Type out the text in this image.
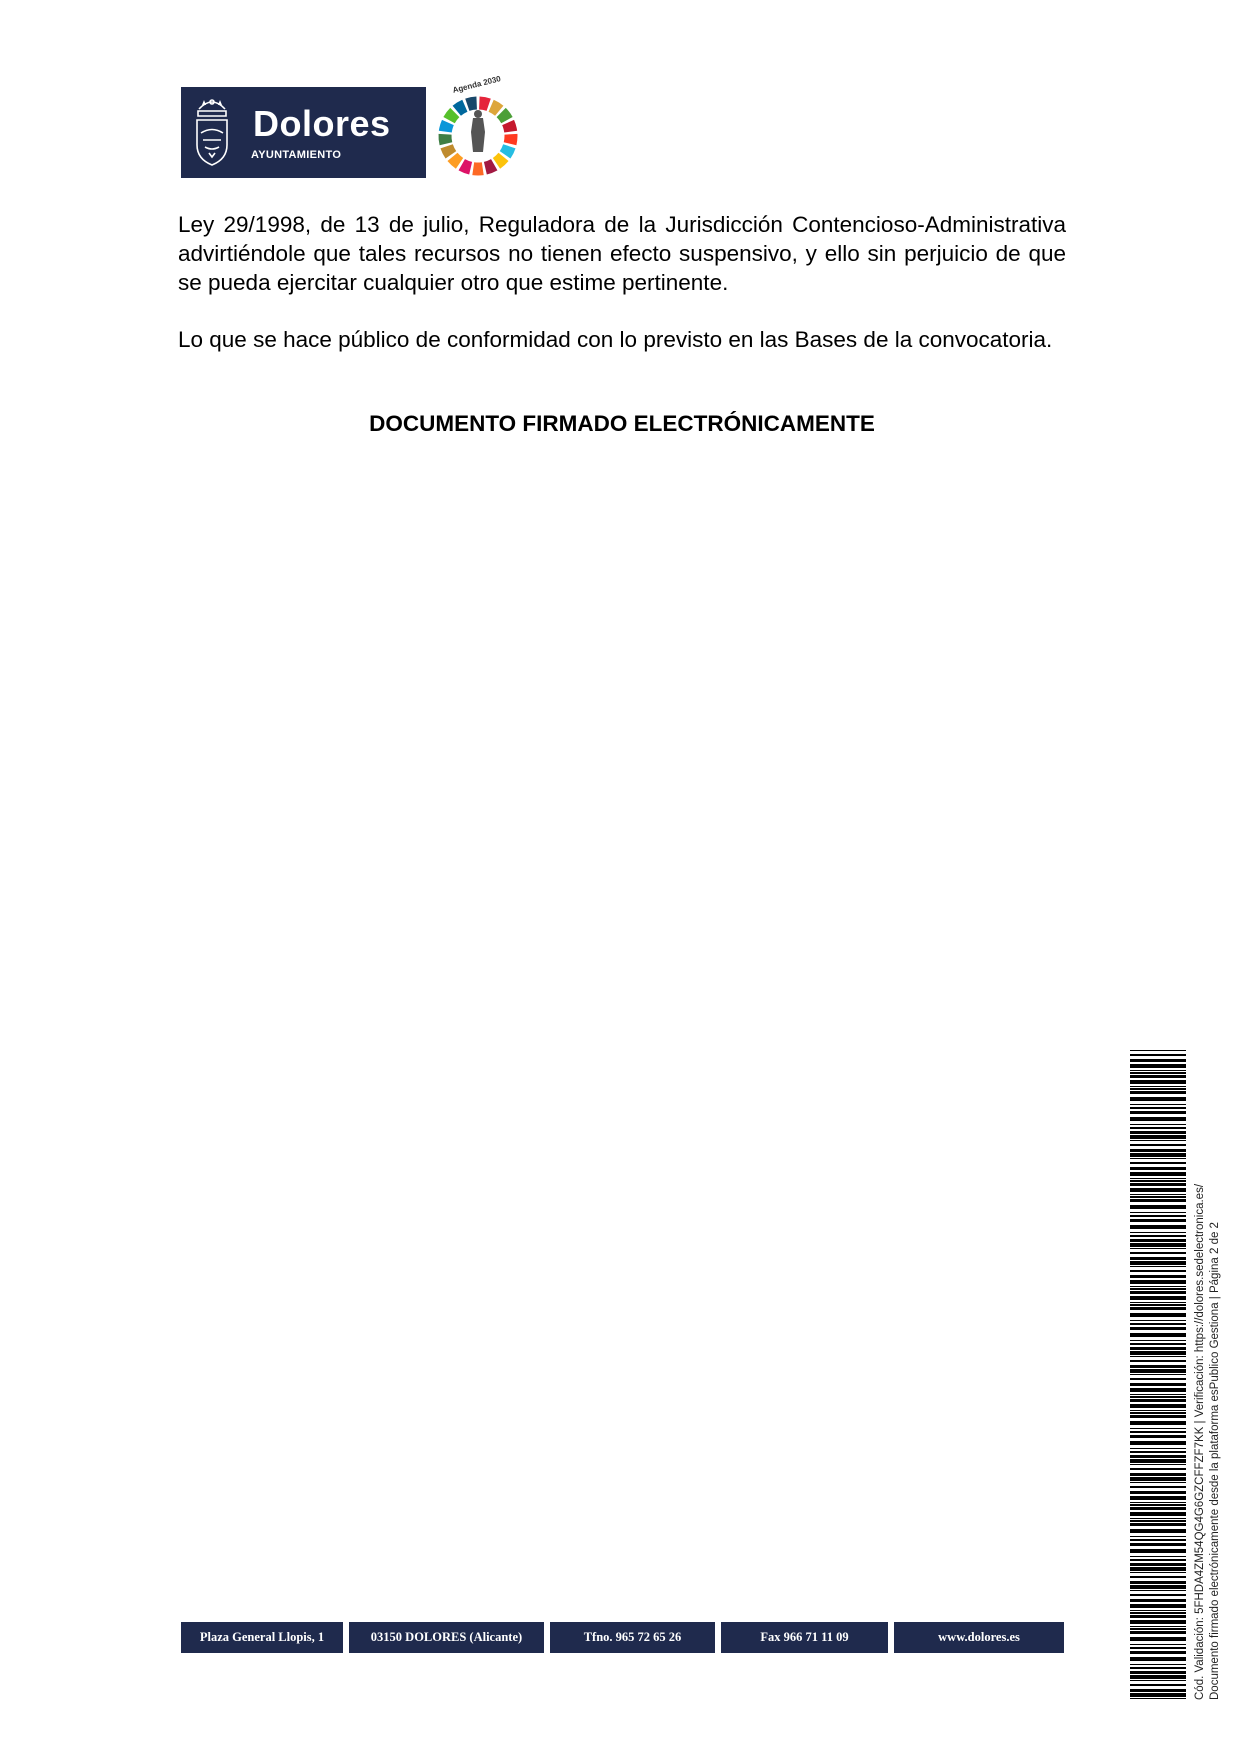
Dolores
AYUNTAMIENTO
Agenda 2030
Ley 29/1998, de 13 de julio, Reguladora de la Jurisdicción Contencioso-Administrativa advirtiéndole que tales recursos no tienen efecto suspensivo, y ello sin perjuicio de que se pueda ejercitar cualquier otro que estime pertinente.
Lo que se hace público de conformidad con lo previsto en las Bases de la convocatoria.
DOCUMENTO FIRMADO ELECTRÓNICAMENTE
Plaza General Llopis, 1	03150 DOLORES (Alicante)	Tfno. 965 72 65 26	Fax 966 71 11 09	www.dolores.es	Cód. Validación: 5FHDA4ZM54QG4G6GZCFFZF7KK | Verificación: https://dolores.sedelectronica.es/ Documento firmado electrónicamente desde la plataforma esPublico Gestiona | Página 2 de 2
